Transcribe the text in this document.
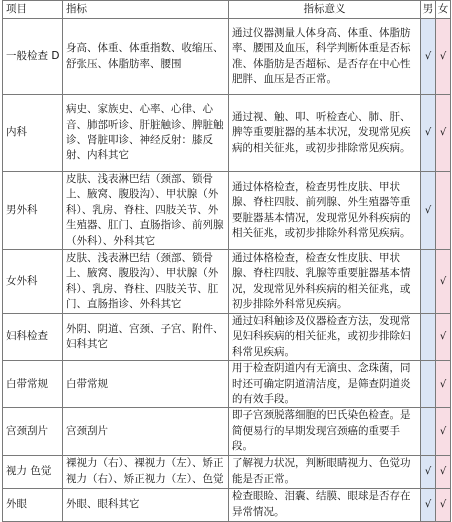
项目	指标	指标意义	男	女
一般检查 D	身高、体重、体重指数、收缩压、舒张压、体脂肪率、腰围	通过仪器测量人体身高、体重、体脂肪率、腰围及血压，科学判断体重是否标准、体脂肪是否超标、是否存在中心性肥胖、血压是否正常。	√	√
内科	病史、家族史、心率、心律、心音、肺部听诊、肝脏触诊、脾脏触诊、肾脏叩诊、神经反射：膝反射、内科其它	通过视、触、叩、听检查心、肺、肝、脾等重要脏器的基本状况，发现常见疾病的相关征兆，或初步排除常见疾病。	√	√
男外科	皮肤、浅表淋巴结（颈部、锁骨上、腋窝、腹股沟）、甲状腺（外科）、乳房、脊柱、四肢关节、外生殖器、肛门、直肠指诊、前列腺（外科）、外科其它	通过体格检查，检查男性皮肤、甲状腺、脊柱四肢、前列腺、外生殖器等重要脏器基本情况，发现常见外科疾病的相关征兆，或初步排除外科常见疾病。	√	
女外科	皮肤、浅表淋巴结（颈部、锁骨上、腋窝、腹股沟）、甲状腺（外科）、乳房、脊柱、四肢关节、肛门、直肠指诊、外科其它	通过体格检查，检查女性皮肤、甲状腺、脊柱四肢、乳腺等重要脏器基本情况，发现常见外科疾病的相关征兆，或初步排除外科常见疾病。		√
妇科检查	外阴、阴道、宫颈、子宫、附件、妇科其它	通过妇科触诊及仪器检查方法，发现常见妇科疾病的相关征兆，或初步排除妇科常见疾病。		√
白带常规	白带常规	用于检查阴道内有无滴虫、念珠菌，同时还可确定阴道清洁度，是筛查阴道炎的有效手段。		√
宫颈刮片	宫颈刮片	即子宫颈脱落细胞的巴氏染色检查。是简便易行的早期发现宫颈癌的重要手段。		√
视力 色觉	裸视力（右）、裸视力（左）、矫正视力（右）、矫正视力（左）、色觉	了解视力状况，判断眼睛视力、色觉功能是否正常。	√	√
外眼	外眼、眼科其它	检查眼睑、泪囊、结膜、眼球是否存在异常情况。	√	√
